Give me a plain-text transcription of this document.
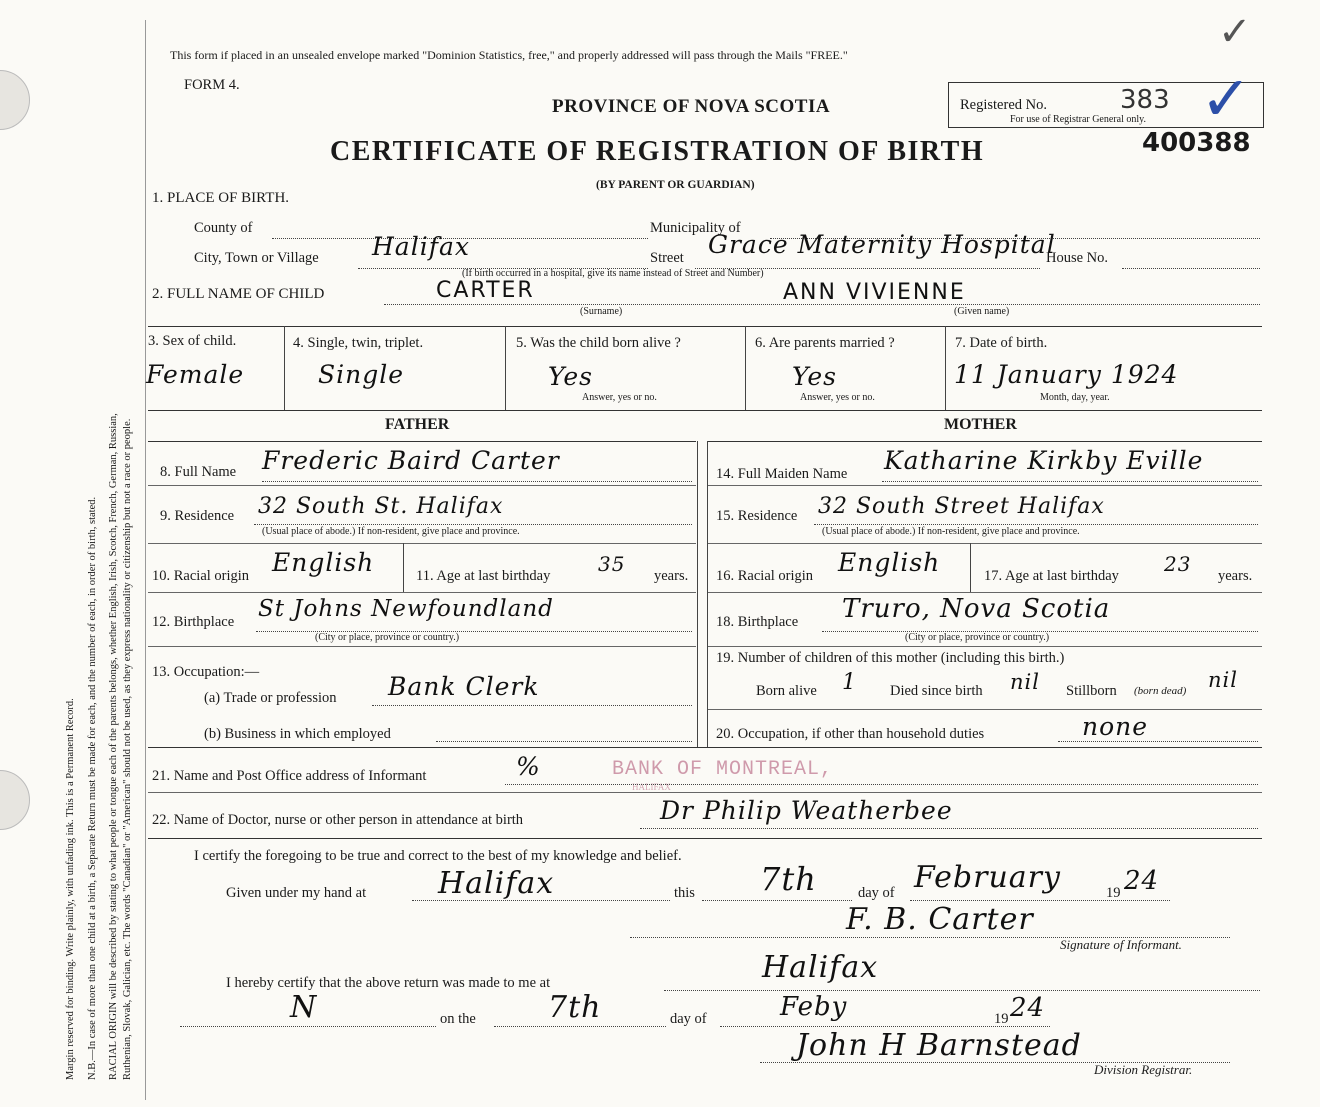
Margin reserved for binding. Write plainly, with unfading ink. This is a Permanent Record. N.B.—In case of more than one child at a birth, a Separate Return must be made for each, and the number of each, in order of birth, stated. RACIAL ORIGIN will be described by stating to what people or tongue each of the parents belongs, whether English, Irish, Scotch, French, German, Russian, Ruthenian, Slovak, Galician, etc. The words "Canadian" or "American" should not be used, as they express nationality or citizenship but not a race or people.
This form if placed in an unsealed envelope marked "Dominion Statistics, free," and properly addressed will pass through the Mails "FREE."
FORM 4.
PROVINCE OF NOVA SCOTIA
CERTIFICATE OF REGISTRATION OF BIRTH
(BY PARENT OR GUARDIAN)
Registered No.	383
For use of Registrar General only.
400388
✓
✓
1. PLACE OF BIRTH.
County of	Municipality of
City, Town or Village Halifax	Street Grace Maternity Hospital
House No.
(If birth occurred in a hospital, give its name instead of Street and Number)
2. FULL NAME OF CHILD	CARTER	ANN VIVIENNE
(Surname)	(Given name)
3. Sex of child.
Female
4. Single, twin, triplet.
Single
5. Was the child born alive ?
Yes
Answer, yes or no.
6. Are parents married ?
Yes
Answer, yes or no.
7. Date of birth.
11 January 1924
Month, day, year.
FATHER	MOTHER
8. Full Name Frederic Baird Carter
9. Residence 32 South St. Halifax
(Usual place of abode.) If non-resident, give place and province.
10. Racial origin English	11. Age at last birthday 35 years.
12. Birthplace St Johns Newfoundland
(City or place, province or country.)
13. Occupation:—
(a) Trade or profession Bank Clerk
(b) Business in which employed
14. Full Maiden Name Katharine Kirkby Eville
15. Residence 32 South Street Halifax
(Usual place of abode.) If non-resident, give place and province.
16. Racial origin English	17. Age at last birthday 23 years.
18. Birthplace Truro, Nova Scotia
(City or place, province or country.)
19. Number of children of this mother (including this birth.)
Born alive 1 Died since birth nil Stillborn (born dead) nil
20. Occupation, if other than household duties	none
21. Name and Post Office address of Informant	%	BANK OF MONTREAL,
HALIFAX
22. Name of Doctor, nurse or other person in attendance at birth	Dr Philip Weatherbee
I certify the foregoing to be true and correct to the best of my knowledge and belief.
Given under my hand at Halifax	this 7th	day of February	19 24
F. B. Carter
Signature of Informant.
I hereby certify that the above return was made to me at	Halifax
N	on the 7th	day of	Feby	19 24
John H Barnstead
Division Registrar.
